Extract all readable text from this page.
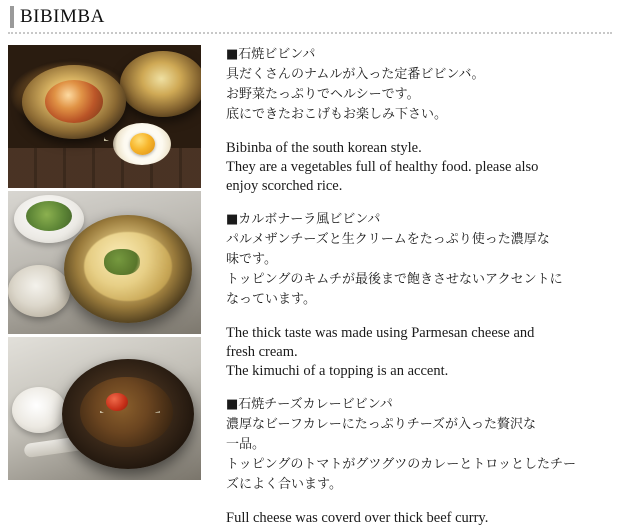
BIBIMBA
■石焼ビビンパ
具だくさんのナムルが入った定番ビビンバ。
お野菜たっぷりでヘルシーです。
底にできたおこげもお楽しみ下さい。
Bibinba of the south korean style.
They are a vegetables full of healthy food. please also
enjoy scorched rice.
■カルボナーラ風ビビンパ
パルメザンチーズと生クリームをたっぷり使った濃厚な
味です。
トッピングのキムチが最後まで飽きさせないアクセントに
なっています。
The thick taste was made using Parmesan cheese and
fresh cream.
The kimuchi of a topping is an accent.
■石焼チーズカレービビンパ
濃厚なビーフカレーにたっぷりチーズが入った贅沢な
一品。
トッピングのトマトがグツグツのカレーとトロッとしたチー
ズによく合います。
Full cheese was coverd over thick beef curry.
